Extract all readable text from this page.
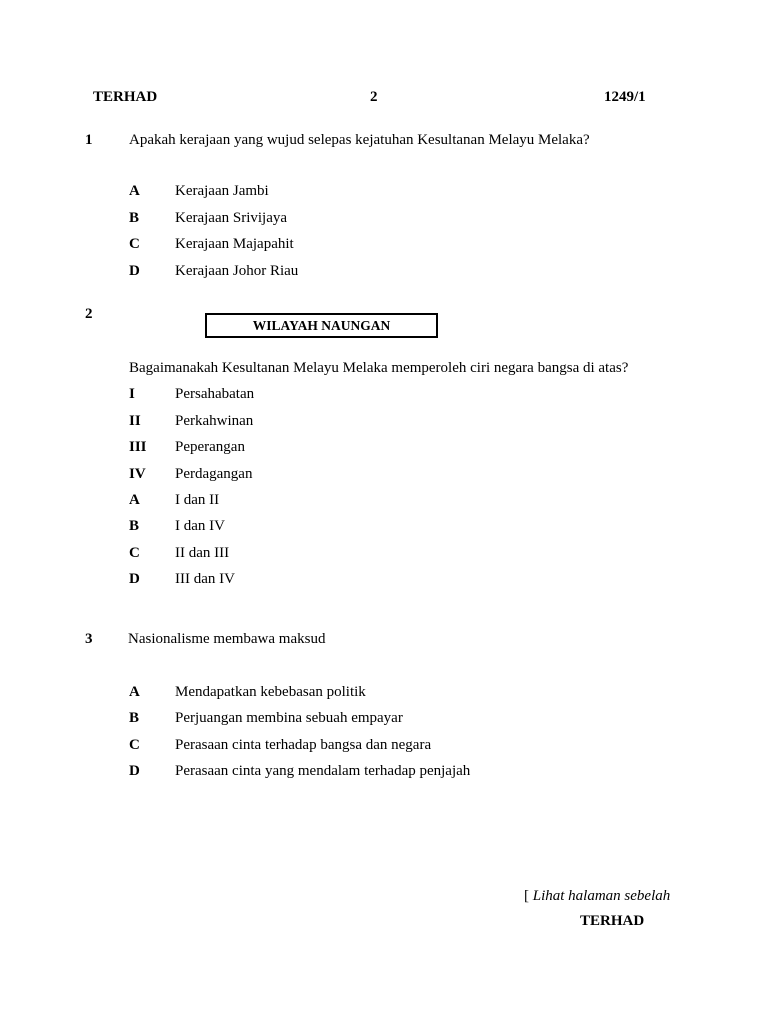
TERHAD	2	1249/1
1 Apakah kerajaan yang wujud selepas kejatuhan Kesultanan Melayu Melaka?
A Kerajaan Jambi
B Kerajaan Srivijaya
C Kerajaan Majapahit
D Kerajaan Johor Riau
2
WILAYAH NAUNGAN
Bagaimanakah Kesultanan Melayu Melaka memperoleh ciri negara bangsa di atas?
I	Persahabatan
II Perkahwinan
III Peperangan
IV Perdagangan
A I dan II
B I dan IV
C II dan III
D III dan IV
3 Nasionalisme membawa maksud
A Mendapatkan kebebasan politik
B Perjuangan membina sebuah empayar
C Perasaan cinta terhadap bangsa dan negara
D Perasaan cinta yang mendalam terhadap penjajah
[ Lihat halaman sebelah
TERHAD
